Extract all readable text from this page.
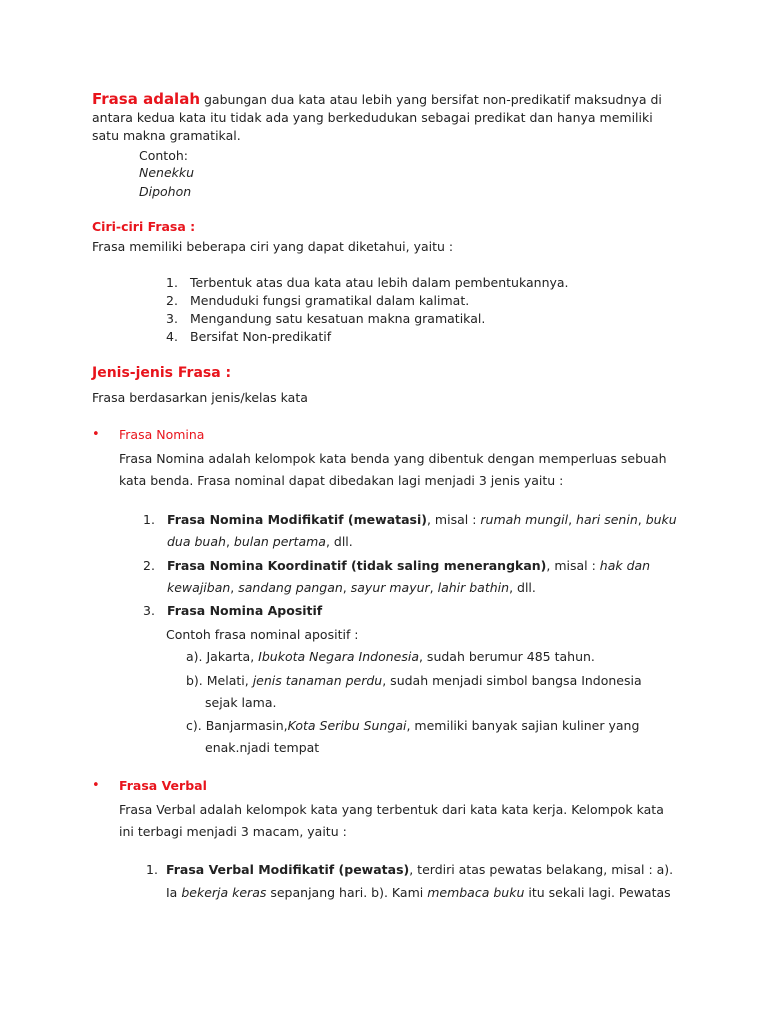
Frasa adalah gabungan dua kata atau lebih yang bersifat non-predikatif maksudnya di
antara kedua kata itu tidak ada yang berkedudukan sebagai predikat dan hanya memiliki
satu makna gramatikal.
Contoh:
Nenekku
Dipohon
Ciri-ciri Frasa :
Frasa memiliki beberapa ciri yang dapat diketahui, yaitu :
1. Terbentuk atas dua kata atau lebih dalam pembentukannya.
2. Menduduki fungsi gramatikal dalam kalimat.
3. Mengandung satu kesatuan makna gramatikal.
4. Bersifat Non-predikatif
Jenis-jenis Frasa :
Frasa berdasarkan jenis/kelas kata
• Frasa Nomina
Frasa Nomina adalah kelompok kata benda yang dibentuk dengan memperluas sebuah
kata benda. Frasa nominal dapat dibedakan lagi menjadi 3 jenis yaitu :
1. Frasa Nomina Modifikatif (mewatasi), misal : rumah mungil, hari senin, buku
dua buah, bulan pertama, dll.
2. Frasa Nomina Koordinatif (tidak saling menerangkan), misal : hak dan
kewajiban, sandang pangan, sayur mayur, lahir bathin, dll.
3. Frasa Nomina Apositif
Contoh frasa nominal apositif :
a). Jakarta, Ibukota Negara Indonesia, sudah berumur 485 tahun.
b). Melati, jenis tanaman perdu, sudah menjadi simbol bangsa Indonesia
sejak lama.
c). Banjarmasin,Kota Seribu Sungai, memiliki banyak sajian kuliner yang
enak.njadi tempat
• Frasa Verbal
Frasa Verbal adalah kelompok kata yang terbentuk dari kata kata kerja. Kelompok kata
ini terbagi menjadi 3 macam, yaitu :
1. Frasa Verbal Modifikatif (pewatas), terdiri atas pewatas belakang, misal : a).
Ia bekerja keras sepanjang hari. b). Kami membaca buku itu sekali lagi. Pewatas
